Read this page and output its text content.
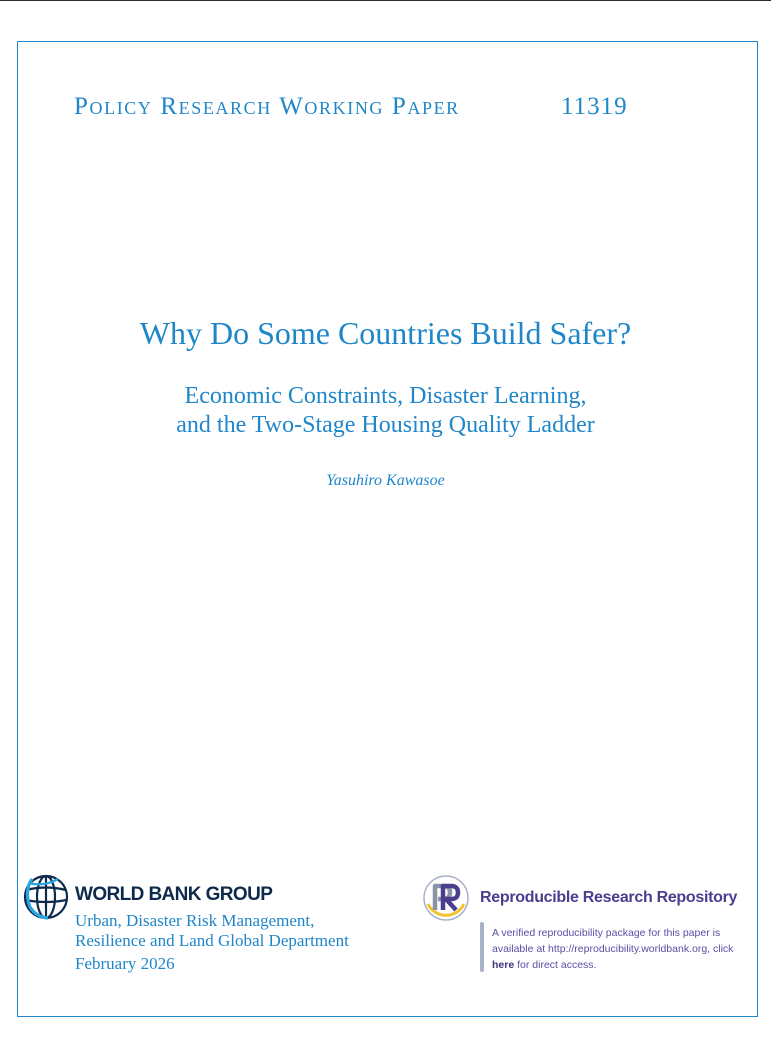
Policy Research Working Paper	11319
Why Do Some Countries Build Safer?
Economic Constraints, Disaster Learning,
and the Two-Stage Housing Quality Ladder
Yasuhiro Kawasoe
WORLD BANK GROUP
Urban, Disaster Risk Management,
Resilience and Land Global Department
February 2026
Reproducible Research Repository
A verified reproducibility package for this paper is available at http://reproducibility.worldbank.org, click here for direct access.
